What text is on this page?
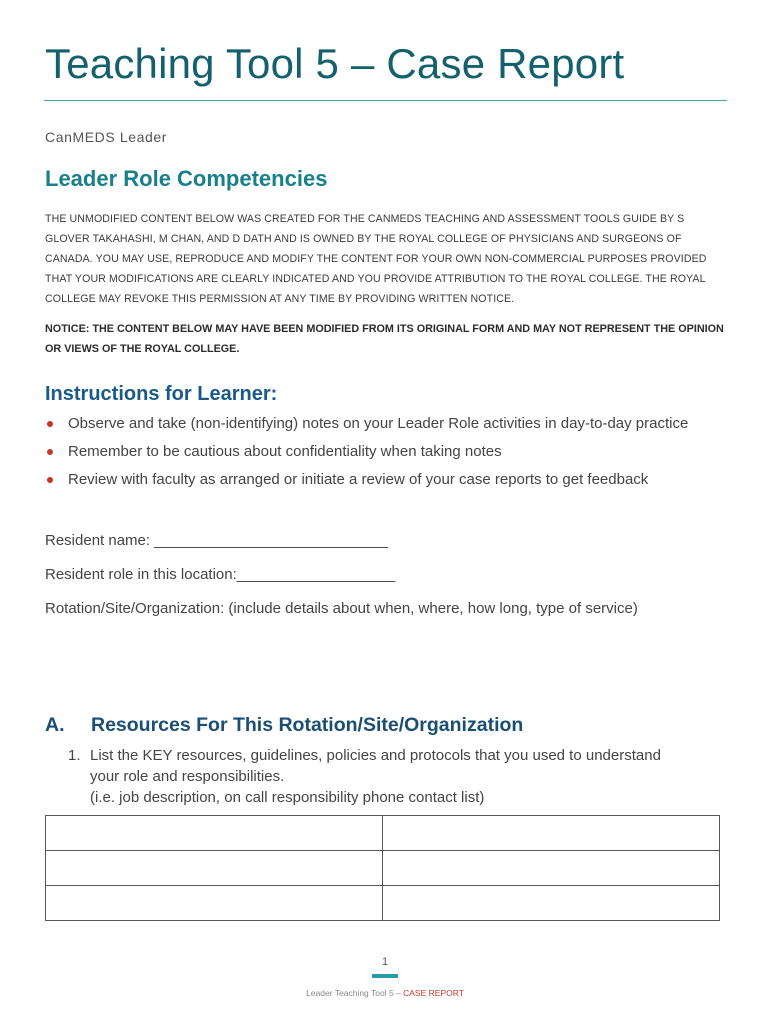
Teaching Tool 5 – Case Report
CanMEDS Leader
Leader Role Competencies
THE UNMODIFIED CONTENT BELOW WAS CREATED FOR THE CANMEDS TEACHING AND ASSESSMENT TOOLS GUIDE BY S GLOVER TAKAHASHI, M CHAN, AND D DATH AND IS OWNED BY THE ROYAL COLLEGE OF PHYSICIANS AND SURGEONS OF CANADA. YOU MAY USE, REPRODUCE AND MODIFY THE CONTENT FOR YOUR OWN NON-COMMERCIAL PURPOSES PROVIDED THAT YOUR MODIFICATIONS ARE CLEARLY INDICATED AND YOU PROVIDE ATTRIBUTION TO THE ROYAL COLLEGE. THE ROYAL COLLEGE MAY REVOKE THIS PERMISSION AT ANY TIME BY PROVIDING WRITTEN NOTICE.
NOTICE: THE CONTENT BELOW MAY HAVE BEEN MODIFIED FROM ITS ORIGINAL FORM AND MAY NOT REPRESENT THE OPINION OR VIEWS OF THE ROYAL COLLEGE.
Instructions for Learner:
Observe and take (non-identifying) notes on your Leader Role activities in day-to-day practice
Remember to be cautious about confidentiality when taking notes
Review with faculty as arranged or initiate a review of your case reports to get feedback
Resident name: ____________________________
Resident role in this location:___________________
Rotation/Site/Organization: (include details about when, where, how long, type of service)
A. Resources For This Rotation/Site/Organization
1. List the KEY resources, guidelines, policies and protocols that you used to understand
your role and responsibilities.
(i.e. job description, on call responsibility phone contact list)

1
Leader Teaching Tool 5 – CASE REPORT
